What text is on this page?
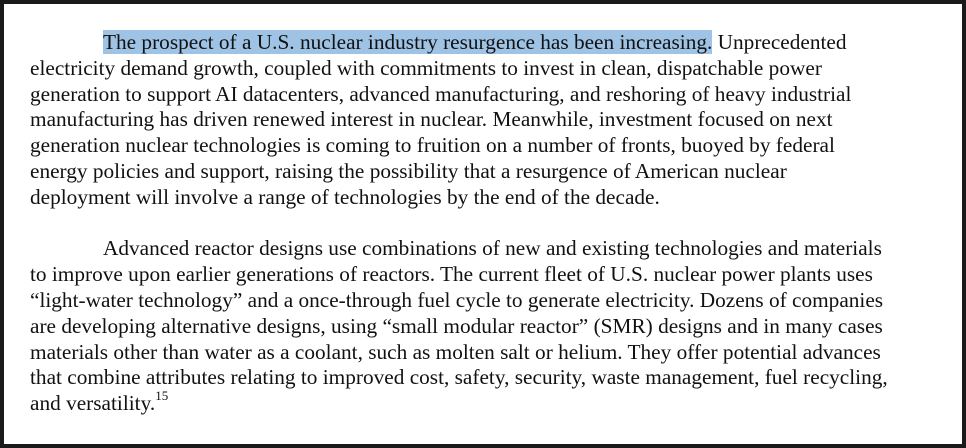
The prospect of a U.S. nuclear industry resurgence has been increasing. Unprecedented
electricity demand growth, coupled with commitments to invest in clean, dispatchable power
generation to support AI datacenters, advanced manufacturing, and reshoring of heavy industrial
manufacturing has driven renewed interest in nuclear. Meanwhile, investment focused on next
generation nuclear technologies is coming to fruition on a number of fronts, buoyed by federal
energy policies and support, raising the possibility that a resurgence of American nuclear
deployment will involve a range of technologies by the end of the decade.
Advanced reactor designs use combinations of new and existing technologies and materials
to improve upon earlier generations of reactors. The current fleet of U.S. nuclear power plants uses
“light-water technology” and a once-through fuel cycle to generate electricity. Dozens of companies
are developing alternative designs, using “small modular reactor” (SMR) designs and in many cases
materials other than water as a coolant, such as molten salt or helium. They offer potential advances
that combine attributes relating to improved cost, safety, security, waste management, fuel recycling,
and versatility.$^{15}$
